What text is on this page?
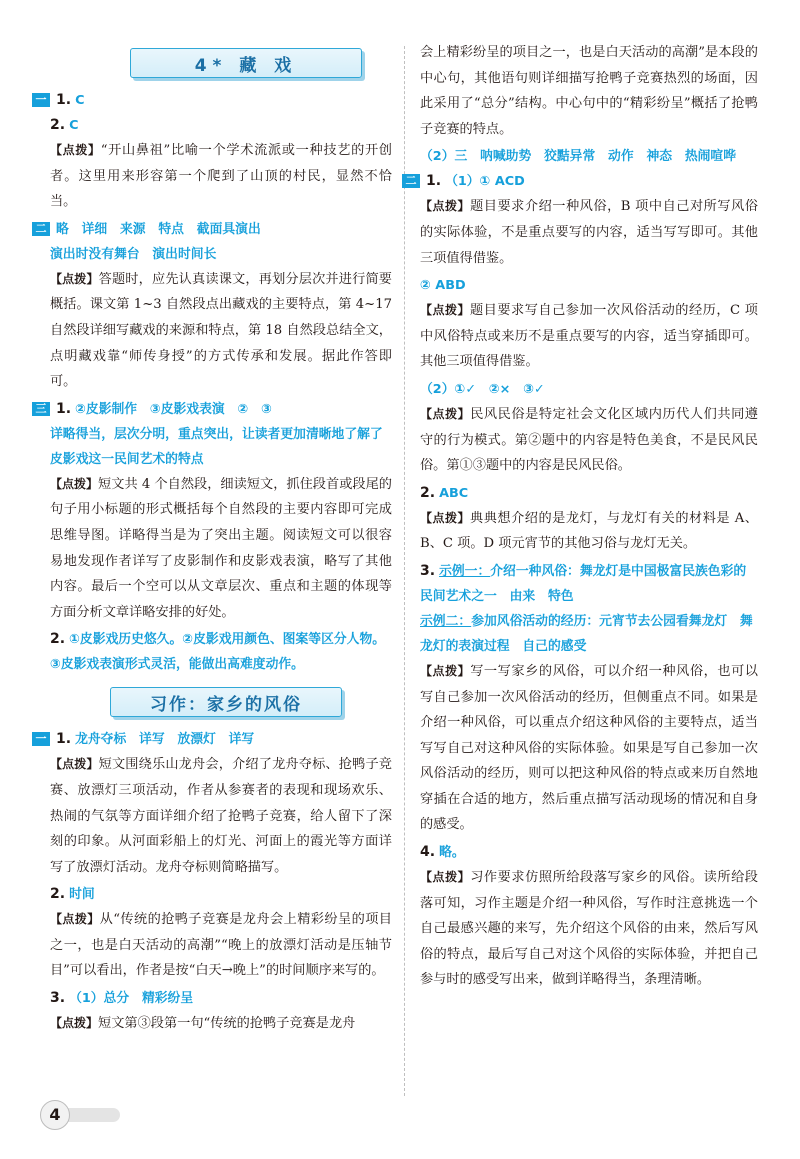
4* 藏 戏

一 1. C

2. C

【点拨】“开山鼻祖”比喻一个学术流派或一种技艺的开创者。这里用来形容第一个爬到了山顶的村民，显然不恰当。

二 略　详细　来源　特点　截面具演出

演出时没有舞台　演出时间长

【点拨】答题时，应先认真读课文，再划分层次并进行简要概括。课文第 1~3 自然段点出藏戏的主要特点，第 4~17 自然段详细写藏戏的来源和特点，第 18 自然段总结全文，点明藏戏靠“师传身授”的方式传承和发展。据此作答即可。

三 1. ②皮影制作　③皮影戏表演　②　③

详略得当，层次分明，重点突出，让读者更加清晰地了解了皮影戏这一民间艺术的特点

【点拨】短文共 4 个自然段，细读短文，抓住段首或段尾的句子用小标题的形式概括每个自然段的主要内容即可完成思维导图。详略得当是为了突出主题。阅读短文可以很容易地发现作者详写了皮影制作和皮影戏表演，略写了其他内容。最后一个空可以从文章层次、重点和主题的体现等方面分析文章详略安排的好处。

2. ①皮影戏历史悠久。②皮影戏用颜色、图案等区分人物。

③皮影戏表演形式灵活，能做出高难度动作。

习作：家乡的风俗

一 1. 龙舟夺标　详写　放漂灯　详写

【点拨】短文围绕乐山龙舟会，介绍了龙舟夺标、抢鸭子竞赛、放漂灯三项活动，作者从参赛者的表现和现场欢乐、热闹的气氛等方面详细介绍了抢鸭子竞赛，给人留下了深刻的印象。从河面彩船上的灯光、河面上的霞光等方面详写了放漂灯活动。龙舟夺标则简略描写。

2. 时间

【点拨】从“传统的抢鸭子竞赛是龙舟会上精彩纷呈的项目之一，也是白天活动的高潮”“晚上的放漂灯活动是压轴节目”可以看出，作者是按“白天→晚上”的时间顺序来写的。

3. （1）总分　精彩纷呈

【点拨】短文第③段第一句“传统的抢鸭子竞赛是龙舟

会上精彩纷呈的项目之一，也是白天活动的高潮”是本段的中心句，其他语句则详细描写抢鸭子竞赛热烈的场面，因此采用了“总分”结构。中心句中的“精彩纷呈”概括了抢鸭子竞赛的特点。

（2）三　呐喊助势　狡黠异常　动作　神态　热闹喧哗

二 1. （1）① ACD

【点拨】题目要求介绍一种风俗，B 项中自己对所写风俗的实际体验，不是重点要写的内容，适当写写即可。其他三项值得借鉴。

② ABD

【点拨】题目要求写自己参加一次风俗活动的经历，C 项中风俗特点或来历不是重点要写的内容，适当穿插即可。其他三项值得借鉴。

（2）①✓　②×　③✓

【点拨】民风民俗是特定社会文化区域内历代人们共同遵守的行为模式。第②题中的内容是特色美食，不是民风民俗。第①③题中的内容是民风民俗。

2. ABC

【点拨】典典想介绍的是龙灯，与龙灯有关的材料是 A、B、C 项。D 项元宵节的其他习俗与龙灯无关。

3. 示例一：介绍一种风俗：舞龙灯是中国极富民族色彩的民间艺术之一　由来　特色

示例二：参加风俗活动的经历：元宵节去公园看舞龙灯　舞龙灯的表演过程　自己的感受

【点拨】写一写家乡的风俗，可以介绍一种风俗，也可以写自己参加一次风俗活动的经历，但侧重点不同。如果是介绍一种风俗，可以重点介绍这种风俗的主要特点，适当写写自己对这种风俗的实际体验。如果是写自己参加一次风俗活动的经历，则可以把这种风俗的特点或来历自然地穿插在合适的地方，然后重点描写活动现场的情况和自身的感受。

4. 略。

【点拨】习作要求仿照所给段落写家乡的风俗。读所给段落可知，习作主题是介绍一种风俗，写作时注意挑选一个自己最感兴趣的来写，先介绍这个风俗的由来，然后写风俗的特点，最后写自己对这个风俗的实际体验，并把自己参与时的感受写出来，做到详略得当，条理清晰。

4
